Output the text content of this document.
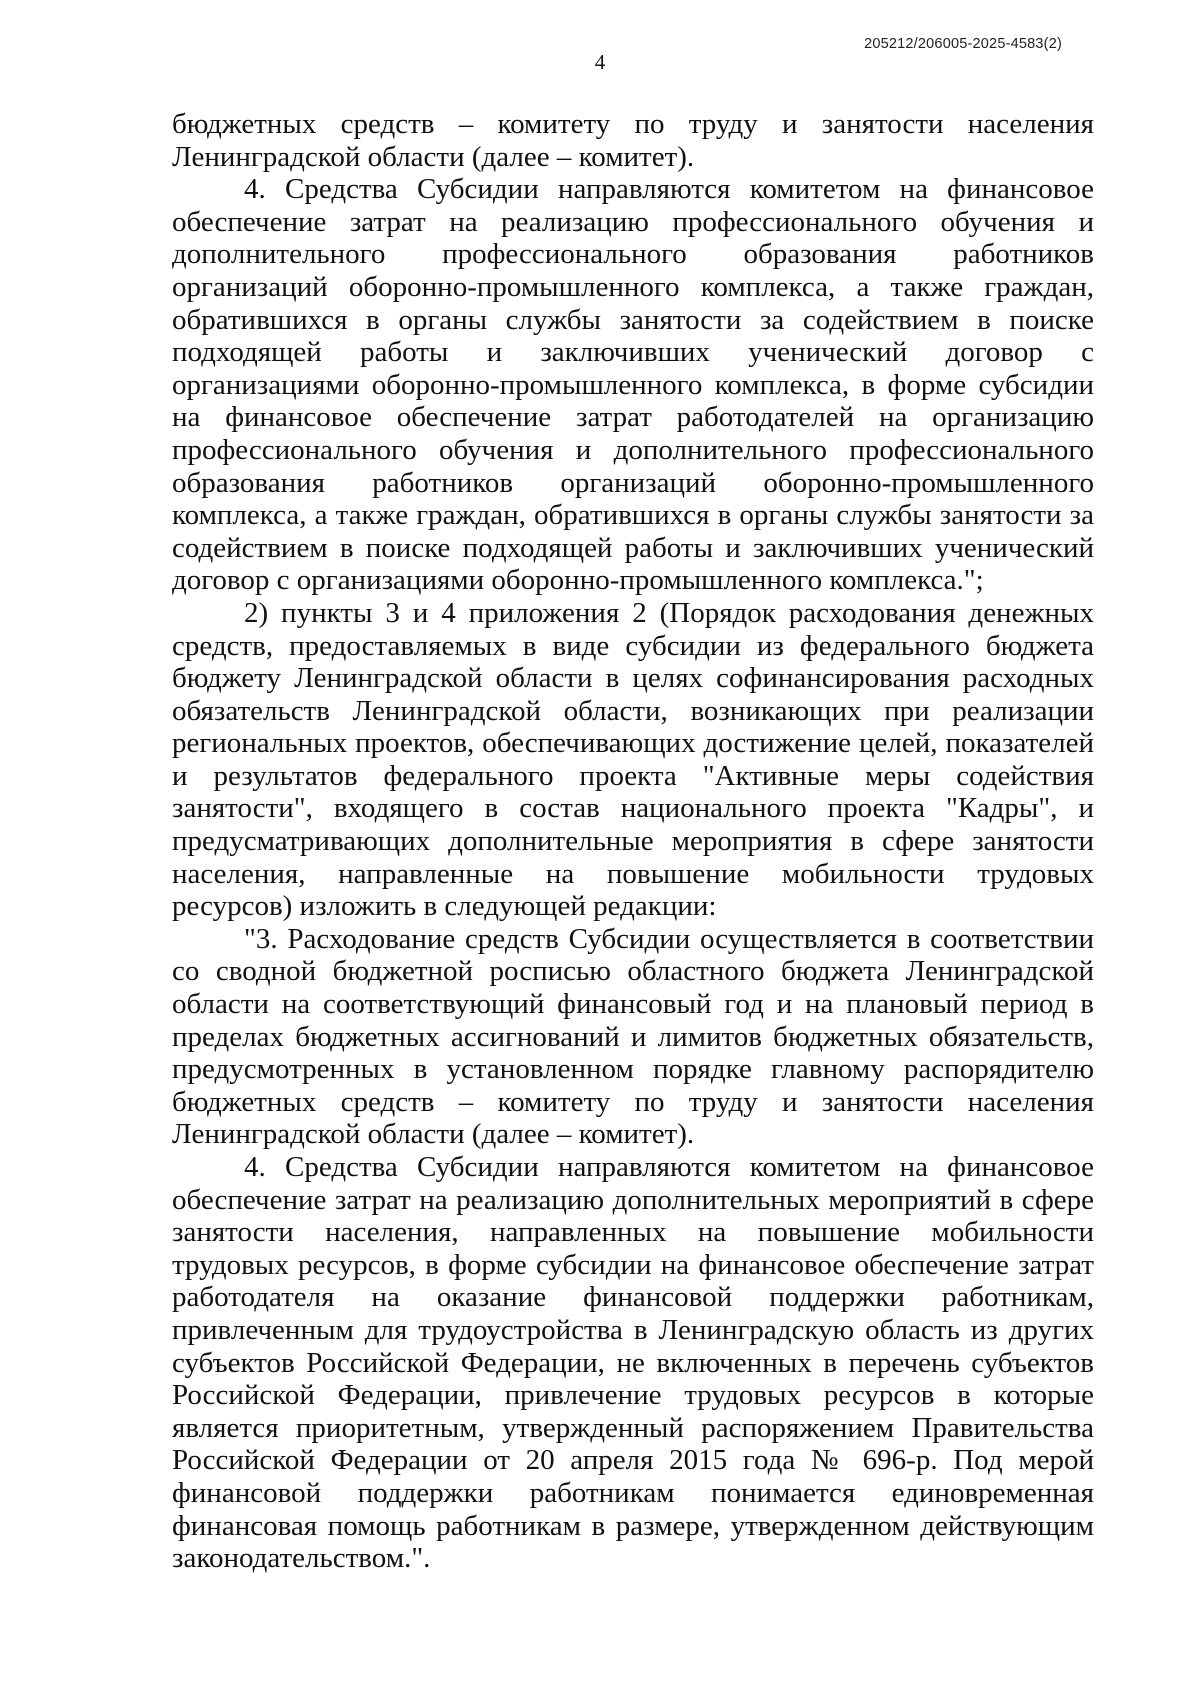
205212/206005-2025-4583(2)
4

бюджетных средств – комитету по труду и занятости населения Ленинградской области (далее – комитет).

4. Средства Субсидии направляются комитетом на финансовое обеспечение затрат на реализацию профессионального обучения и дополнительного профессионального образования работников организаций оборонно-промышленного комплекса, а также граждан, обратившихся в органы службы занятости за содействием в поиске подходящей работы и заключивших ученический договор с организациями оборонно-промышленного комплекса, в форме субсидии на финансовое обеспечение затрат работодателей на организацию профессионального обучения и дополнительного профессионального образования работников организаций оборонно-промышленного комплекса, а также граждан, обратившихся в органы службы занятости за содействием в поиске подходящей работы и заключивших ученический договор с организациями оборонно-промышленного комплекса.";

2) пункты 3 и 4 приложения 2 (Порядок расходования денежных средств, предоставляемых в виде субсидии из федерального бюджета бюджету Ленинградской области в целях софинансирования расходных обязательств Ленинградской области, возникающих при реализации региональных проектов, обеспечивающих достижение целей, показателей и результатов федерального проекта "Активные меры содействия занятости", входящего в состав национального проекта "Кадры", и предусматривающих дополнительные мероприятия в сфере занятости населения, направленные на повышение мобильности трудовых ресурсов) изложить в следующей редакции:

"3. Расходование средств Субсидии осуществляется в соответствии со сводной бюджетной росписью областного бюджета Ленинградской области на соответствующий финансовый год и на плановый период в пределах бюджетных ассигнований и лимитов бюджетных обязательств, предусмотренных в установленном порядке главному распорядителю бюджетных средств – комитету по труду и занятости населения Ленинградской области (далее – комитет).

4. Средства Субсидии направляются комитетом на финансовое обеспечение затрат на реализацию дополнительных мероприятий в сфере занятости населения, направленных на повышение мобильности трудовых ресурсов, в форме субсидии на финансовое обеспечение затрат работодателя на оказание финансовой поддержки работникам, привлеченным для трудоустройства в Ленинградскую область из других субъектов Российской Федерации, не включенных в перечень субъектов Российской Федерации, привлечение трудовых ресурсов в которые является приоритетным, утвержденный распоряжением Правительства Российской Федерации от 20 апреля 2015 года № 696-р. Под мерой финансовой поддержки работникам понимается единовременная финансовая помощь работникам в размере, утвержденном действующим законодательством.".
